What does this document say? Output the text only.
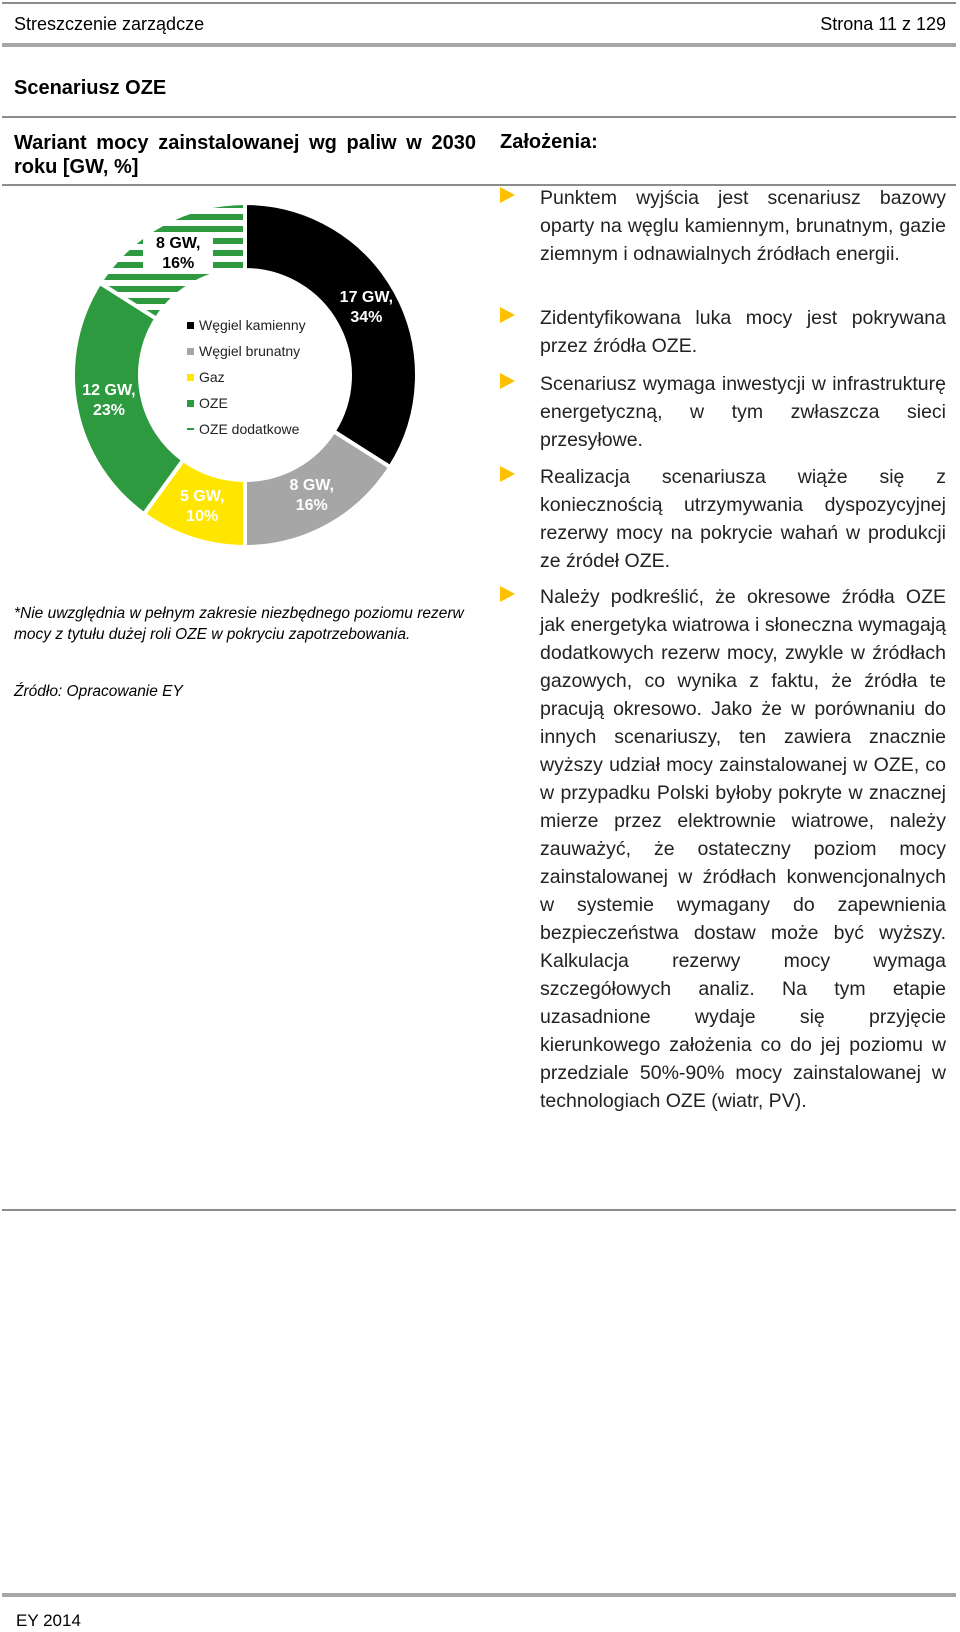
Streszczenie zarządcze	Strona 11 z 129
Scenariusz OZE
Wariant mocy zainstalowanej wg paliw w 2030 roku [GW, %]
Założenia:
17 GW,
34%
8 GW,
16%
5 GW,
10%
12 GW,
23%
8 GW,
16%
Węgiel kamienny
Węgiel brunatny
Gaz
OZE
OZE dodatkowe
*Nie uwzględnia w pełnym zakresie niezbędnego poziomu rezerw mocy z tytułu dużej roli OZE w pokryciu zapotrzebowania.
Źródło: Opracowanie EY
Punktem wyjścia jest scenariusz bazowy oparty na węglu kamiennym, brunatnym, gazie ziemnym i odnawialnych źródłach energii.
Zidentyfikowana luka mocy jest pokrywana przez źródła OZE.
Scenariusz wymaga inwestycji w infrastrukturę energetyczną, w tym zwłaszcza sieci przesyłowe.
Realizacja scenariusza wiąże się z koniecznością utrzymywania dyspozycyjnej rezerwy mocy na pokrycie wahań w produkcji ze źródeł OZE.
Należy podkreślić, że okresowe źródła OZE jak energetyka wiatrowa i słoneczna wymagają dodatkowych rezerw mocy, zwykle w źródłach gazowych, co wynika z faktu, że źródła te pracują okresowo. Jako że w porównaniu do innych scenariuszy, ten zawiera znacznie wyższy udział mocy zainstalowanej w OZE, co w przypadku Polski byłoby pokryte w znacznej mierze przez elektrownie wiatrowe, należy zauważyć, że ostateczny poziom mocy zainstalowanej w źródłach konwencjonalnych w systemie wymagany do zapewnienia bezpieczeństwa dostaw może być wyższy. Kalkulacja rezerwy mocy wymaga szczegółowych analiz. Na tym etapie uzasadnione wydaje się przyjęcie kierunkowego założenia co do jej poziomu w przedziale 50%-90% mocy zainstalowanej w technologiach OZE (wiatr, PV).
EY 2014
